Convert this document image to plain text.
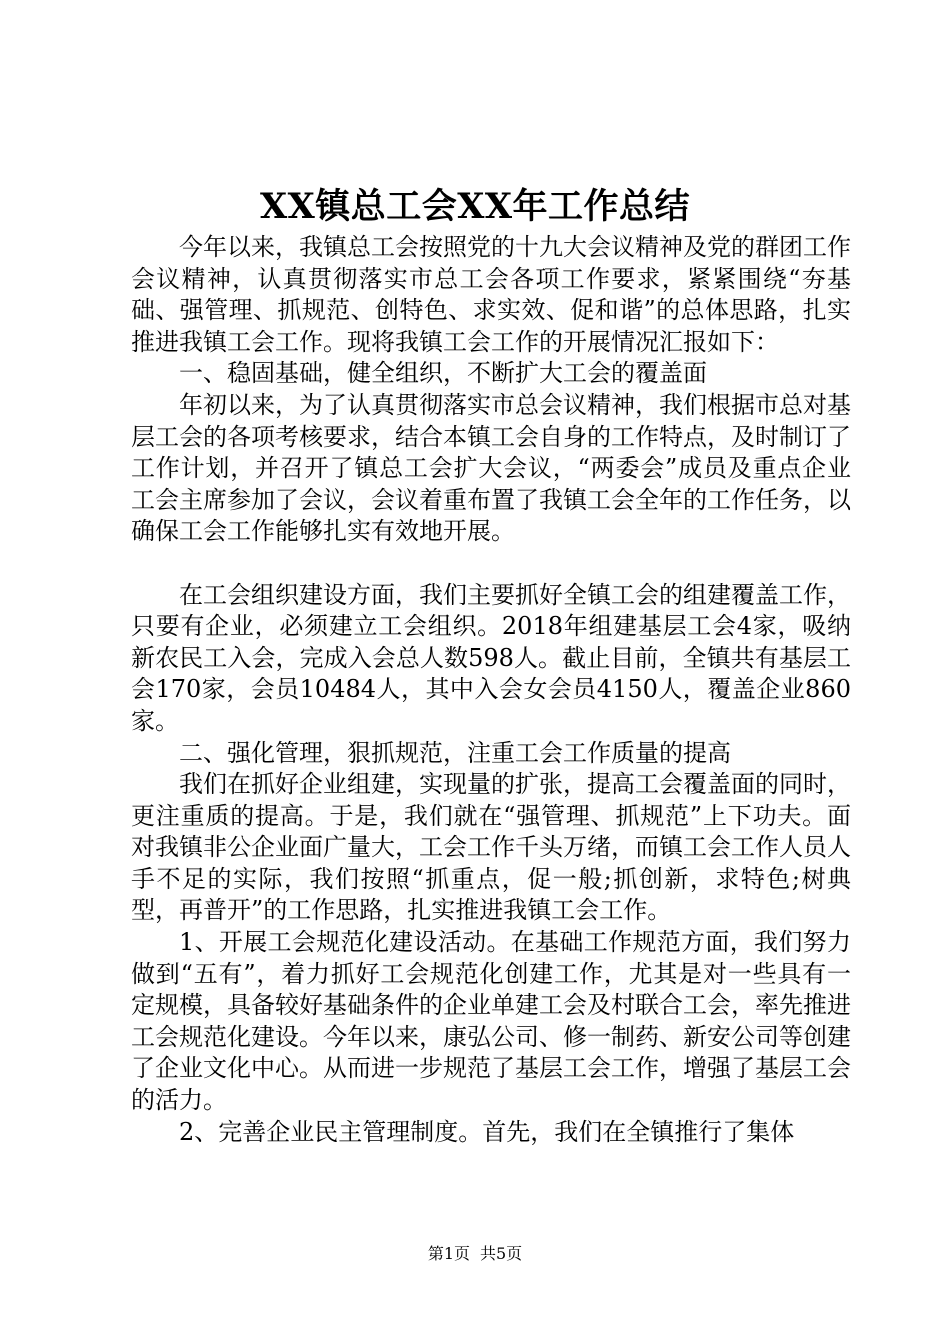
XX镇总工会XX年工作总结

今年以来，我镇总工会按照党的十九大会议精神及党的群团工作会议精神，认真贯彻落实市总工会各项工作要求，紧紧围绕“夯基础、强管理、抓规范、创特色、求实效、促和谐”的总体思路，扎实推进我镇工会工作。现将我镇工会工作的开展情况汇报如下：

一、稳固基础，健全组织，不断扩大工会的覆盖面

年初以来，为了认真贯彻落实市总会议精神，我们根据市总对基层工会的各项考核要求，结合本镇工会自身的工作特点，及时制订了工作计划，并召开了镇总工会扩大会议，“两委会”成员及重点企业工会主席参加了会议，会议着重布置了我镇工会全年的工作任务，以确保工会工作能够扎实有效地开展。

在工会组织建设方面，我们主要抓好全镇工会的组建覆盖工作，只要有企业，必须建立工会组织。2018年组建基层工会4家，吸纳新农民工入会，完成入会总人数598人。截止目前，全镇共有基层工会170家，会员10484人，其中入会女会员4150人，覆盖企业860家。

二、强化管理，狠抓规范，注重工会工作质量的提高

我们在抓好企业组建，实现量的扩张，提高工会覆盖面的同时，更注重质的提高。于是，我们就在“强管理、抓规范”上下功夫。面对我镇非公企业面广量大，工会工作千头万绪，而镇工会工作人员人手不足的实际，我们按照“抓重点，促一般;抓创新，求特色;树典型，再普开”的工作思路，扎实推进我镇工会工作。

1、开展工会规范化建设活动。在基础工作规范方面，我们努力做到“五有”，着力抓好工会规范化创建工作，尤其是对一些具有一定规模，具备较好基础条件的企业单建工会及村联合工会，率先推进工会规范化建设。今年以来，康弘公司、修一制药、新安公司等创建了企业文化中心。从而进一步规范了基层工会工作，增强了基层工会的活力。

2、完善企业民主管理制度。首先，我们在全镇推行了集体

第1页 共5页
